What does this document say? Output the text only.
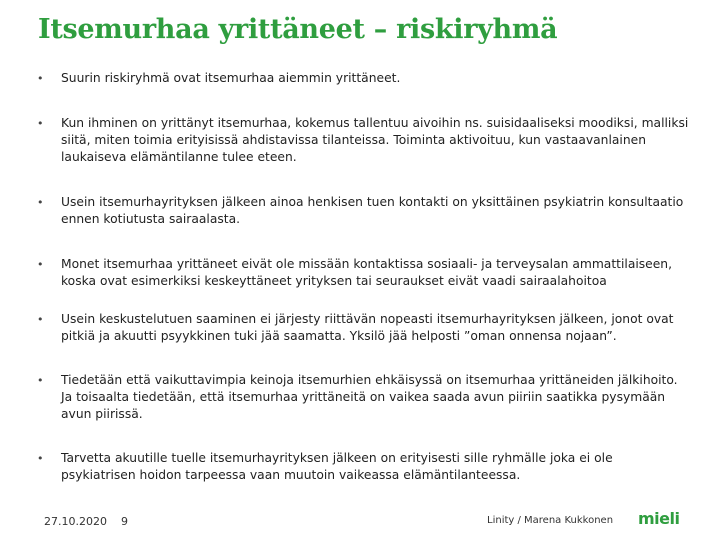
Itsemurhaa yrittäneet – riskiryhmä
• Suurin riskiryhmä ovat itsemurhaa aiemmin yrittäneet.
• Kun ihminen on yrittänyt itsemurhaa, kokemus tallentuu aivoihin ns. suisidaaliseksi moodiksi, malliksi siitä, miten toimia erityisissä ahdistavissa tilanteissa. Toiminta aktivoituu, kun vastaavanlainen laukaiseva elämäntilanne tulee eteen.
• Usein itsemurhayrityksen jälkeen ainoa henkisen tuen kontakti on yksittäinen psykiatrin konsultaatio ennen kotiutusta sairaalasta.
• Monet itsemurhaa yrittäneet eivät ole missään kontaktissa sosiaali- ja terveysalan ammattilaiseen, koska ovat esimerkiksi keskeyttäneet yrityksen tai seuraukset eivät vaadi sairaalahoitoa
• Usein keskustelutuen saaminen ei järjesty riittävän nopeasti itsemurhayrityksen jälkeen, jonot ovat pitkiä ja akuutti psyykkinen tuki jää saamatta. Yksilö jää helposti ”oman onnensa nojaan”.
• Tiedetään että vaikuttavimpia keinoja itsemurhien ehkäisyssä on itsemurhaa yrittäneiden jälkihoito. Ja toisaalta tiedetään, että itsemurhaa yrittäneitä on vaikea saada avun piiriin saatikka pysymään avun piirissä.
• Tarvetta akuutille tuelle itsemurhayrityksen jälkeen on erityisesti sille ryhmälle joka ei ole psykiatrisen hoidon tarpeessa vaan muutoin vaikeassa elämäntilanteessa.
27.10.2020 9	Linity / Marena Kukkonen mieli
